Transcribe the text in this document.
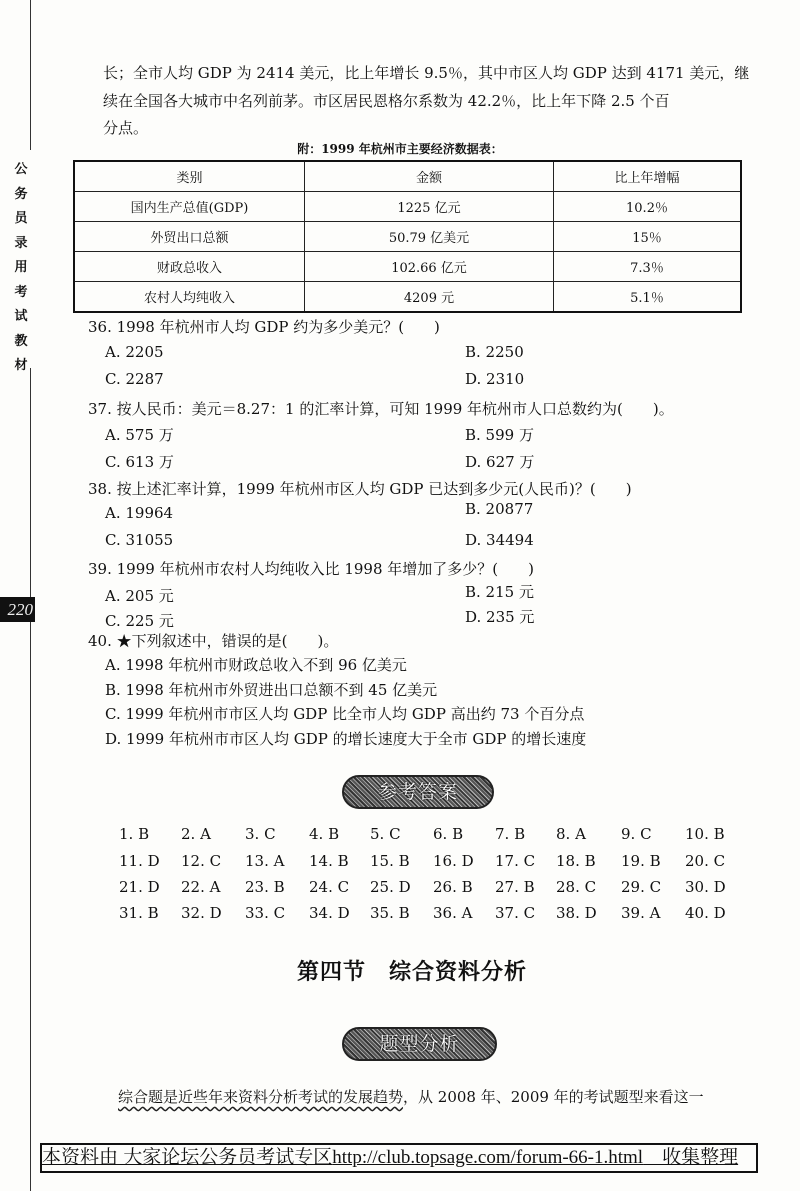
公务员录用考试教材
220
长；全市人均 GDP 为 2414 美元，比上年增长 9.5％，其中市区人均 GDP 达到 4171 美元，继
续在全国各大城市中名列前茅。市区居民恩格尔系数为 42.2％，比上年下降 2.5 个百
分点。
附：1999 年杭州市主要经济数据表：
类别	金额	比上年增幅
国内生产总值(GDP)	1225 亿元	10.2％
外贸出口总额	50.79 亿美元	15％
财政总收入	102.66 亿元	7.3％
农村人均纯收入	4209 元	5.1％
36. 1998 年杭州市人均 GDP 约为多少美元？(　　)
A. 2205	B. 2250
C. 2287	D. 2310
37. 按人民币：美元＝8.27：1 的汇率计算，可知 1999 年杭州市人口总数约为(　　)。
A. 575 万	B. 599 万
C. 613 万	D. 627 万
38. 按上述汇率计算，1999 年杭州市区人均 GDP 已达到多少元(人民币)？(　　)
A. 19964	B. 20877
C. 31055	D. 34494
39. 1999 年杭州市农村人均纯收入比 1998 年增加了多少？(　　)
A. 205 元	B. 215 元
C. 225 元	D. 235 元
40. ★下列叙述中，错误的是(　　)。
A. 1998 年杭州市财政总收入不到 96 亿美元
B. 1998 年杭州市外贸进出口总额不到 45 亿美元
C. 1999 年杭州市市区人均 GDP 比全市人均 GDP 高出约 73 个百分点
D. 1999 年杭州市市区人均 GDP 的增长速度大于全市 GDP 的增长速度
参考答案
1. B 2. A 3. C 4. B 5. C 6. B 7. B 8. A 9. C 10. B
11. D 12. C 13. A 14. B 15. B 16. D 17. C 18. B 19. B 20. C
21. D 22. A 23. B 24. C 25. D 26. B 27. B 28. C 29. C 30. D
31. B 32. D 33. C 34. D 35. B 36. A 37. C 38. D 39. A 40. D
第四节　综合资料分析
题型分析
综合题是近些年来资料分析考试的发展趋势，从 2008 年、2009 年的考试题型来看这一
本资料由 大家论坛公务员考试专区http://club.topsage.com/forum-66-1.html　收集整理
